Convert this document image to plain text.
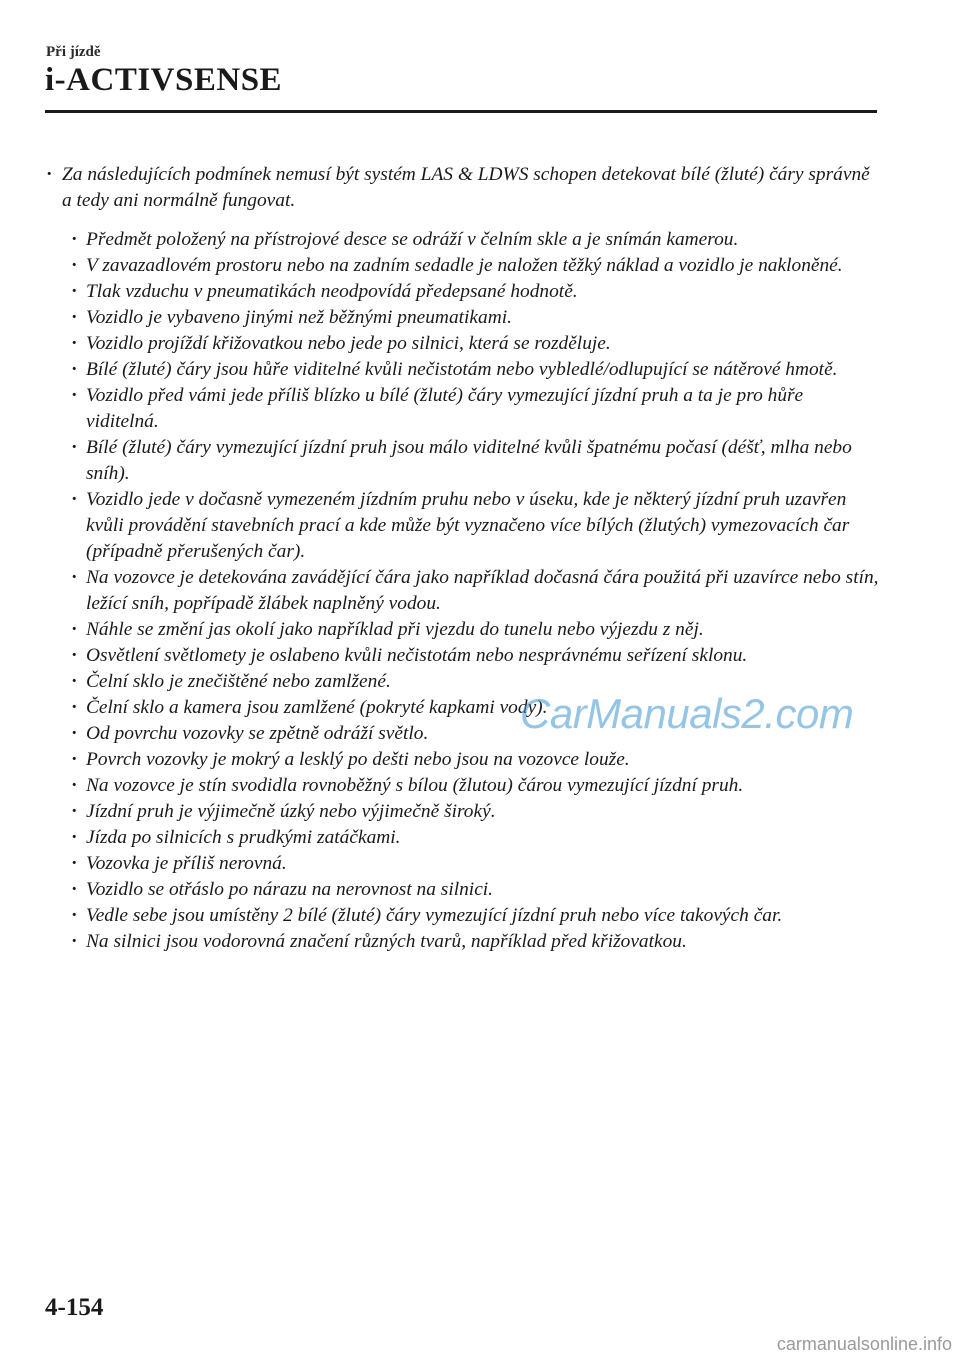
Při jízdě
i-ACTIVSENSE

· Za následujících podmínek nemusí být systém LAS & LDWS schopen detekovat bílé (žluté) čáry správně a tedy ani normálně fungovat.

· Předmět položený na přístrojové desce se odráží v čelním skle a je snímán kamerou.
· V zavazadlovém prostoru nebo na zadním sedadle je naložen těžký náklad a vozidlo je nakloněné.
· Tlak vzduchu v pneumatikách neodpovídá předepsané hodnotě.
· Vozidlo je vybaveno jinými než běžnými pneumatikami.
· Vozidlo projíždí křižovatkou nebo jede po silnici, která se rozděluje.
· Bílé (žluté) čáry jsou hůře viditelné kvůli nečistotám nebo vybledlé/odlupující se nátěrové hmotě.
· Vozidlo před vámi jede příliš blízko u bílé (žluté) čáry vymezující jízdní pruh a ta je pro hůře viditelná.
· Bílé (žluté) čáry vymezující jízdní pruh jsou málo viditelné kvůli špatnému počasí (déšť, mlha nebo sníh).
· Vozidlo jede v dočasně vymezeném jízdním pruhu nebo v úseku, kde je některý jízdní pruh uzavřen kvůli provádění stavebních prací a kde může být vyznačeno více bílých (žlutých) vymezovacích čar (případně přerušených čar).
· Na vozovce je detekována zavádějící čára jako například dočasná čára použitá při uzavírce nebo stín, ležící sníh, popřípadě žlábek naplněný vodou.
· Náhle se změní jas okolí jako například při vjezdu do tunelu nebo výjezdu z něj.
· Osvětlení světlomety je oslabeno kvůli nečistotám nebo nesprávnému seřízení sklonu.
· Čelní sklo je znečištěné nebo zamlžené.
· Čelní sklo a kamera jsou zamlžené (pokryté kapkami vody).
· Od povrchu vozovky se zpětně odráží světlo.
· Povrch vozovky je mokrý a lesklý po dešti nebo jsou na vozovce louže.
· Na vozovce je stín svodidla rovnoběžný s bílou (žlutou) čárou vymezující jízdní pruh.
· Jízdní pruh je výjimečně úzký nebo výjimečně široký.
· Jízda po silnicích s prudkými zatáčkami.
· Vozovka je příliš nerovná.
· Vozidlo se otřáslo po nárazu na nerovnost na silnici.
· Vedle sebe jsou umístěny 2 bílé (žluté) čáry vymezující jízdní pruh nebo více takových čar.
· Na silnici jsou vodorovná značení různých tvarů, například před křižovatkou.
CarManuals2.com
4-154
carmanualsonline.info
